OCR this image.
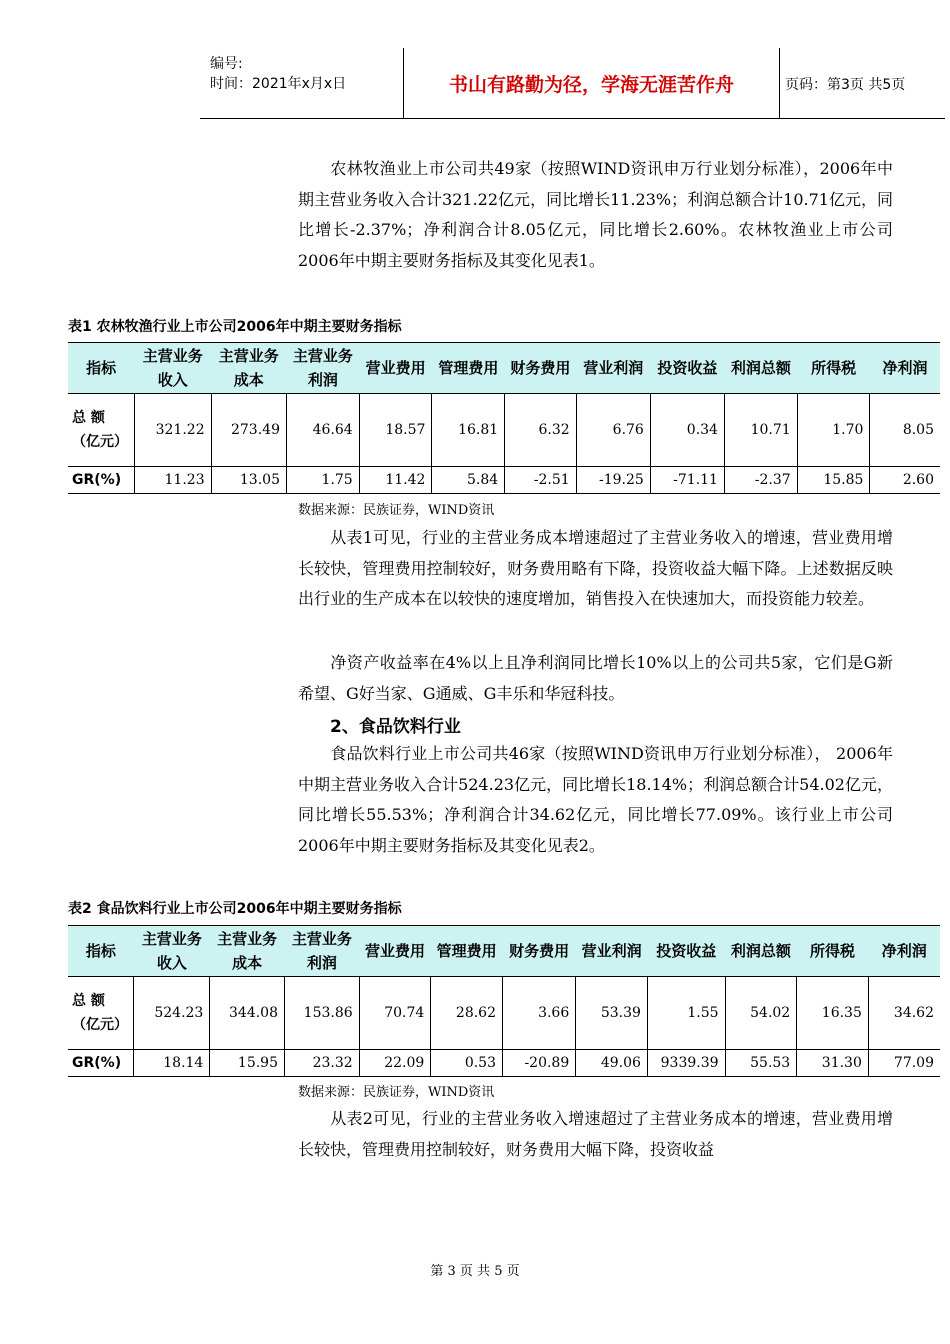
编号:
时间：2021年x月x日	书山有路勤为径，学海无涯苦作舟	页码：第3页 共5页
农林牧渔业上市公司共49家（按照WIND资讯申万行业划分标准），2006年中期主营业务收入合计321.22亿元，同比增长11.23%；利润总额合计10.71亿元，同比增长-2.37%；净利润合计8.05亿元，同比增长2.60%。农林牧渔业上市公司2006年中期主要财务指标及其变化见表1。
表1 农林牧渔行业上市公司2006年中期主要财务指标
指标	主营业务收入	主营业务成本	主营业务利润	营业费用	管理费用	财务费用	营业利润	投资收益	利润总额	所得税	净利润
总 额（亿元）	321.22	273.49	46.64	18.57	16.81	6.32	6.76	0.34	10.71	1.70	8.05
GR(%)	11.23	13.05	1.75	11.42	5.84	-2.51	-19.25	-71.11	-2.37	15.85	2.60
数据来源：民族证券，WIND资讯
从表1可见，行业的主营业务成本增速超过了主营业务收入的增速，营业费用增长较快，管理费用控制较好，财务费用略有下降，投资收益大幅下降。上述数据反映出行业的生产成本在以较快的速度增加，销售投入在快速加大，而投资能力较差。
净资产收益率在4%以上且净利润同比增长10%以上的公司共5家，它们是G新希望、G好当家、G通威、G丰乐和华冠科技。
2、食品饮料行业
食品饮料行业上市公司共46家（按照WIND资讯申万行业划分标准）， 2006年中期主营业务收入合计524.23亿元，同比增长18.14%；利润总额合计54.02亿元，同比增长55.53%；净利润合计34.62亿元，同比增长77.09%。该行业上市公司2006年中期主要财务指标及其变化见表2。
表2 食品饮料行业上市公司2006年中期主要财务指标
指标	主营业务收入	主营业务成本	主营业务利润	营业费用	管理费用	财务费用	营业利润	投资收益	利润总额	所得税	净利润
总 额（亿元）	524.23	344.08	153.86	70.74	28.62	3.66	53.39	1.55	54.02	16.35	34.62
GR(%)	18.14	15.95	23.32	22.09	0.53	-20.89	49.06	9339.39	55.53	31.30	77.09
数据来源：民族证券，WIND资讯
从表2可见，行业的主营业务收入增速超过了主营业务成本的增速，营业费用增长较快，管理费用控制较好，财务费用大幅下降，投资收益
第 3 页 共 5 页
